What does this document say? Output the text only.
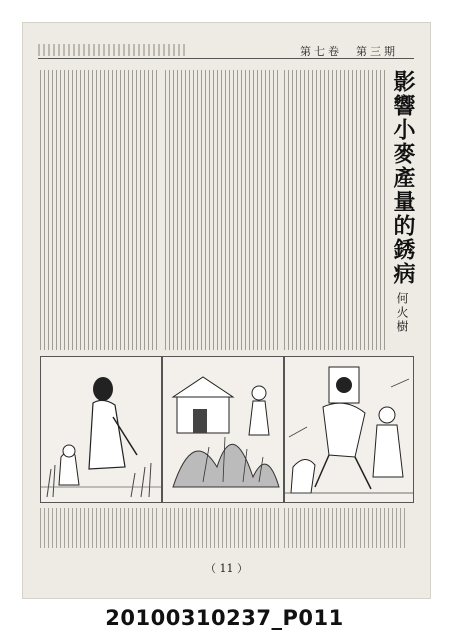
第七卷　第三期
影響小麥產量的銹病
何火樹
（ 11 ）
20100310237_P011
